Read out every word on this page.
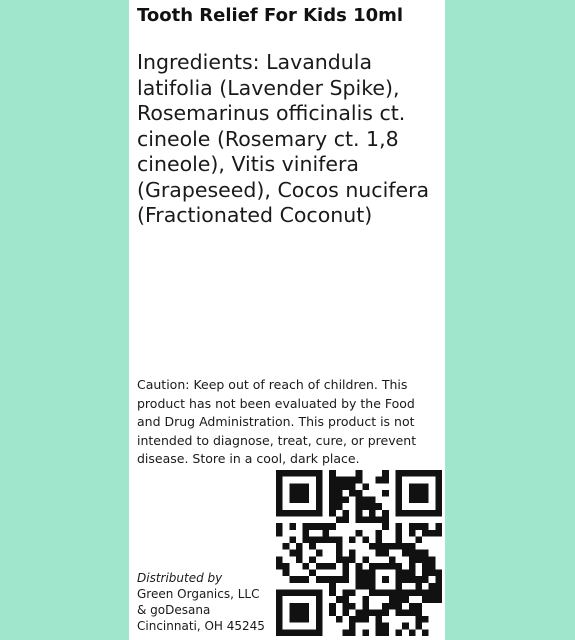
Tooth Relief For Kids 10ml

Ingredients: Lavandula latifolia (Lavender Spike), Rosemarinus officinalis ct. cineole (Rosemary ct. 1,8 cineole), Vitis vinifera (Grapeseed), Cocos nucifera (Fractionated Coconut)

Caution: Keep out of reach of children. This product has not been evaluated by the Food and Drug Administration. This product is not intended to diagnose, treat, cure, or prevent disease. Store in a cool, dark place.

Distributed by
Green Organics, LLC
& goDesana
Cincinnati, OH 45245
